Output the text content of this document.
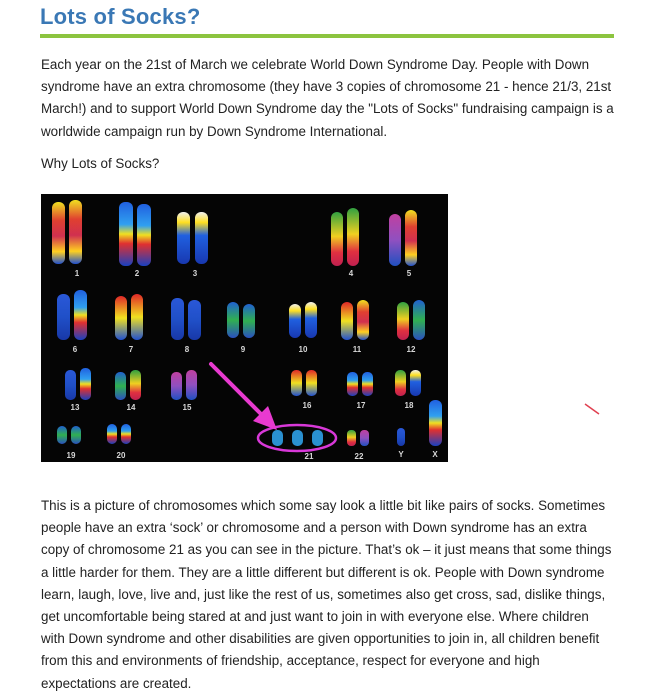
Lots of Socks?

Each year on the 21st of March we celebrate World Down Syndrome Day. People with Down syndrome have an extra chromosome (they have 3 copies of chromosome 21 - hence 21/3, 21st March!) and to support World Down Syndrome day the "Lots of Socks" fundraising campaign is a worldwide campaign run by Down Syndrome International.

Why Lots of Socks?

1	2	3	4	5
6	7	8	9	10	11	12
13	14	15	16	17	18
19	20	21	22	Y	X

This is a picture of chromosomes which some say look a little bit like pairs of socks. Sometimes people have an extra ‘sock’ or chromosome and a person with Down syndrome has an extra copy of chromosome 21 as you can see in the picture. That’s ok – it just means that some things a little harder for them. They are a little different but different is ok. People with Down syndrome learn, laugh, love, live and, just like the rest of us, sometimes also get cross, sad, dislike things, get uncomfortable being stared at and just want to join in with everyone else. Where children with Down syndrome and other disabilities are given opportunities to join in, all children benefit from this and environments of friendship, acceptance, respect for everyone and high expectations are created.
